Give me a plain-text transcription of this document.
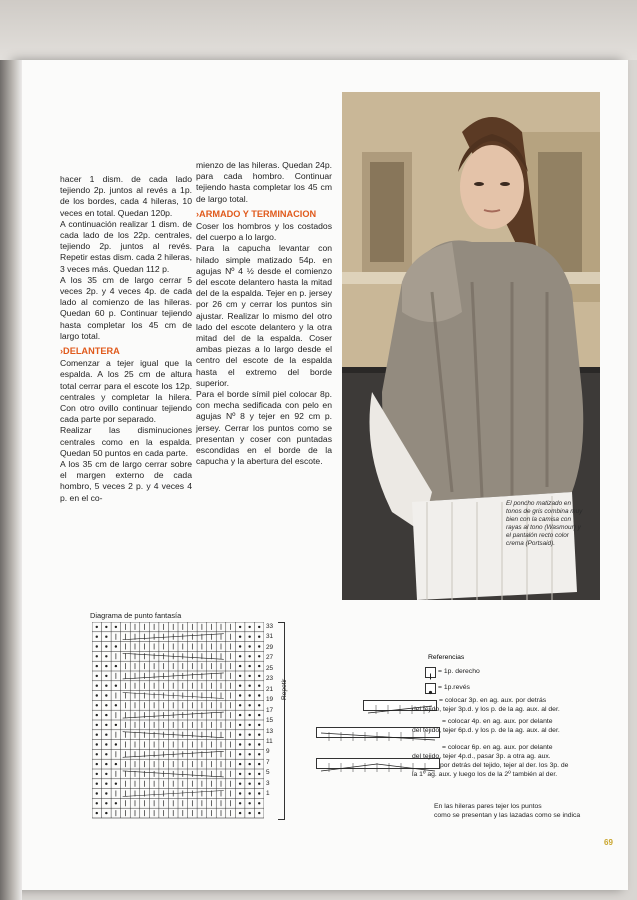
hacer 1 dism. de cada lado tejiendo 2p. juntos al revés a 1p. de los bordes, cada 4 hileras, 10 veces en total. Quedan 120p.

A continuación realizar 1 dism. de cada lado de los 22p. centrales, tejiendo 2p. juntos al revés. Repetir estas dism. cada 2 hileras, 3 veces más. Quedan 112 p.

A los 35 cm de largo cerrar 5 veces 2p. y 4 veces 4p. de cada lado al comienzo de las hileras. Quedan 60 p. Continuar tejiendo hasta completar los 45 cm de largo total.

›DELANTERA

Comenzar a tejer igual que la espalda. A los 25 cm de altura total cerrar para el escote los 12p. centrales y completar la hilera. Con otro ovillo continuar tejiendo cada parte por separado.

Realizar las disminuciones centrales como en la espalda. Quedan 50 puntos en cada parte.

A los 35 cm de largo cerrar sobre el margen externo de cada hombro, 5 veces 2 p. y 4 veces 4 p. en el co-

mienzo de las hileras. Quedan 24p. para cada hombro. Continuar tejiendo hasta completar los 45 cm de largo total.

›ARMADO Y TERMINACION

Coser los hombros y los costados del cuerpo a lo largo.

Para la capucha levantar con hilado simple matizado 54p. en agujas Nº 4 ½ desde el comienzo del escote delantero hasta la mitad del de la espalda. Tejer en p. jersey por 26 cm y cerrar los puntos sin ajustar. Realizar lo mismo del otro lado del escote delantero y la otra mitad del de la espalda. Coser ambas piezas a lo largo desde el centro del escote de la espalda hasta el extremo del borde superior.

Para el borde símil piel colocar 8p. con mecha sedificada con pelo en agujas Nº 8 y tejer en 92 cm p. jersey. Cerrar los puntos como se presentan y coser con puntadas escondidas en el borde de la capucha y la abertura del escote.

El poncho matizado en tonos de gris combina muy bien con la camisa con rayas al tono (Wasmour) y el pantalón recto color crema (Portsaid).
Diagrama de punto fantasía
33
31
29
27
25
23
21
19
17
15
13
11
9
7
5
3
1
Repetir
Referencias
= 1p. derecho
= 1p.revés
= colocar 3p. en ag. aux. por detrás
del tejido, tejer 3p.d. y los p. de la ag. aux. al der.
= colocar 4p. en ag. aux. por delante
del tejido, tejer 6p.d. y los p. de la ag. aux. al der.
= colocar 6p. en ag. aux. por delante
del tejido, tejer 4p.d., pasar 3p. a otra ag. aux.
por detrás del tejido, tejer al der. los 3p. de
la 1º ag. aux. y luego los de la 2º también al der.
En las hileras pares tejer los puntos
como se presentan y las lazadas como se indica
69
